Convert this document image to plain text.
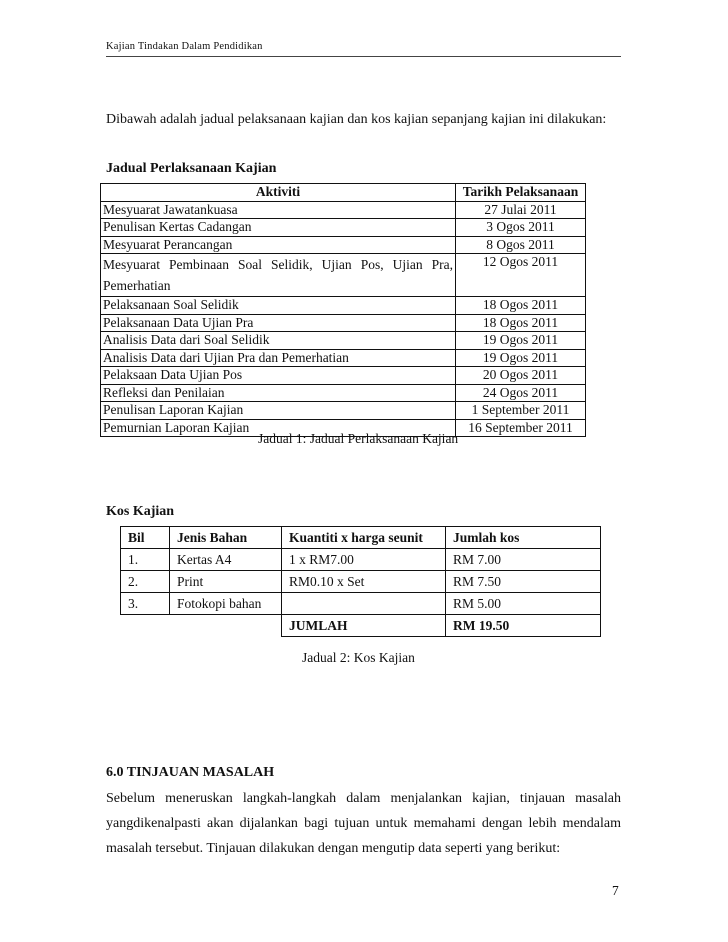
Kajian Tindakan Dalam Pendidikan
Dibawah adalah jadual pelaksanaan kajian dan kos kajian sepanjang kajian ini dilakukan:
Jadual Perlaksanaan Kajian
Aktiviti	Tarikh Pelaksanaan
Mesyuarat Jawatankuasa	27 Julai 2011
Penulisan Kertas Cadangan	3 Ogos 2011
Mesyuarat Perancangan	8 Ogos 2011
Mesyuarat Pembinaan Soal Selidik, Ujian Pos, Ujian Pra, Pemerhatian	12 Ogos 2011
Pelaksanaan Soal Selidik	18 Ogos 2011
Pelaksanaan Data Ujian Pra	18 Ogos 2011
Analisis Data dari Soal Selidik	19 Ogos 2011
Analisis Data dari Ujian Pra dan Pemerhatian	19 Ogos 2011
Pelaksaan Data Ujian Pos	20 Ogos 2011
Refleksi dan Penilaian	24 Ogos 2011
Penulisan Laporan Kajian	1 September 2011
Pemurnian Laporan Kajian	16 September 2011
Jadual 1: Jadual Perlaksanaan Kajian
Kos Kajian
Bil	Jenis Bahan	Kuantiti x harga seunit	Jumlah kos
1.	Kertas A4	1 x RM7.00	RM 7.00
2.	Print	RM0.10 x Set	RM 7.50
3.	Fotokopi bahan		RM 5.00
		JUMLAH	RM 19.50
Jadual 2: Kos Kajian
6.0 TINJAUAN MASALAH
Sebelum meneruskan langkah-langkah dalam menjalankan kajian, tinjauan masalah
yangdikenalpasti akan dijalankan bagi tujuan untuk memahami dengan lebih mendalam
masalah tersebut. Tinjauan dilakukan dengan mengutip data seperti yang berikut:
7
